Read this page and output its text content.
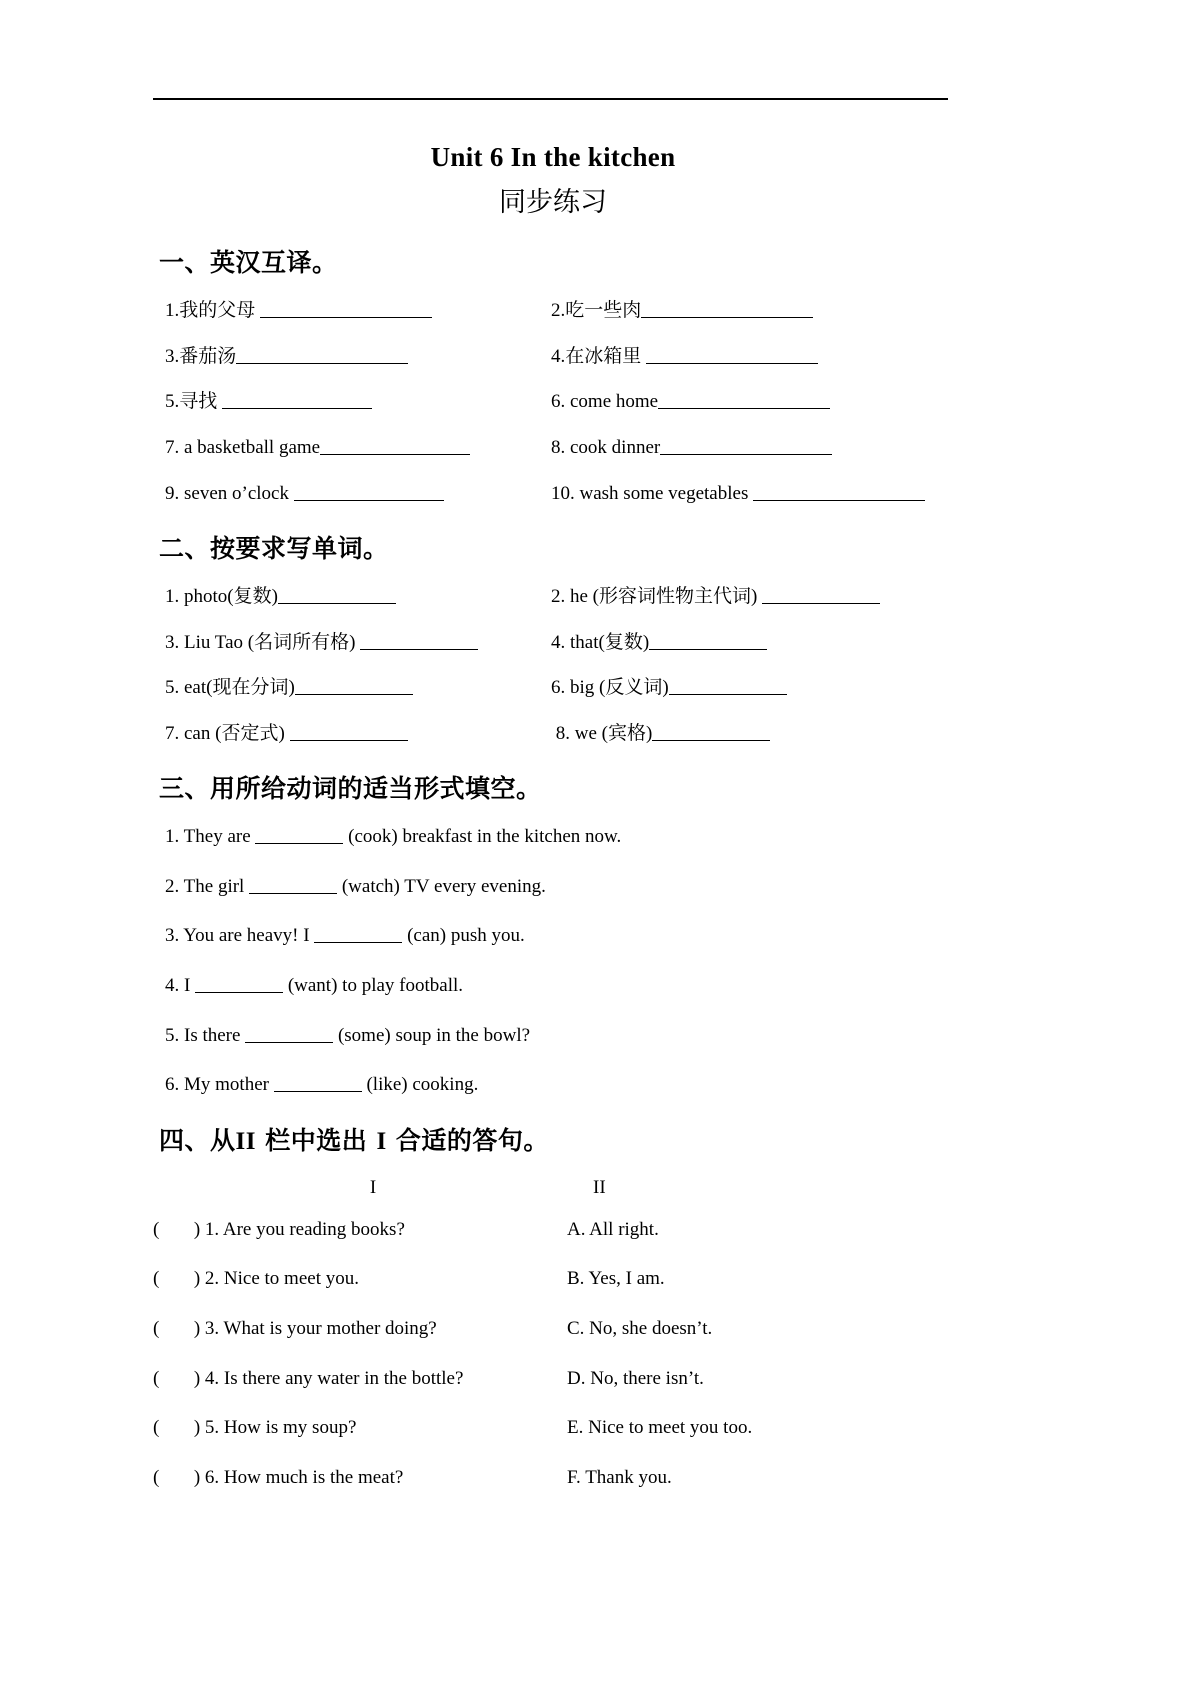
Unit 6 In the kitchen
同步练习
一、英汉互译。
1.我的父母	2.吃一些肉
3.番茄汤	4.在冰箱里
5.寻找	6. come home
7. a basketball game	8. cook dinner
9. seven o’clock	10. wash some vegetables
二、按要求写单词。
1. photo(复数)	2. he (形容词性物主代词)
3. Liu Tao (名词所有格)	4. that(复数)
5. eat(现在分词)	6. big (反义词)
7. can (否定式)	8. we (宾格)
三、用所给动词的适当形式填空。
1. They are	(cook) breakfast in the kitchen now.
2. The girl	(watch) TV every evening.
3. You are heavy! I	(can) push you.
4. I	(want) to play football.
5. Is there	(some) soup in the bowl?
6. My mother	(like) cooking.
四、从II 栏中选出 I 合适的答句。
I	II
( ) 1. Are you reading books?	A. All right.
( ) 2. Nice to meet you.	B. Yes, I am.
( ) 3. What is your mother doing?	C. No, she doesn’t.
( ) 4. Is there any water in the bottle?	D. No, there isn’t.
( ) 5. How is my soup?	E. Nice to meet you too.
( ) 6. How much is the meat?	F. Thank you.
